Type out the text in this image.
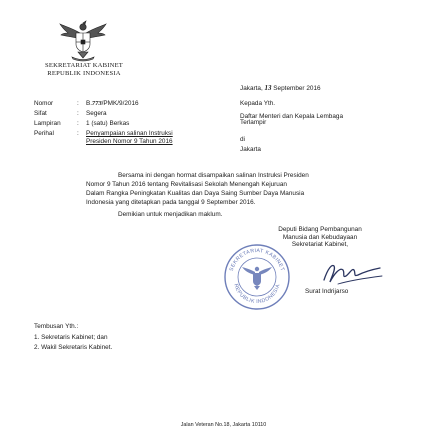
SEKRETARIAT KABINET
REPUBLIK INDONESIA
Jakarta, 13 September 2016
Nomor	: B.773/PMK/9/2016
Sifat	: Segera
Lampiran	: 1 (satu) Berkas
Perihal	: Penyampaian salinan Instruksi
Presiden Nomor 9 Tahun 2016
Kepada Yth.
Daftar Menteri dan Kepala Lembaga
Terlampir
di
Jakarta
Bersama ini dengan hormat disampaikan salinan Instruksi Presiden
Nomor 9 Tahun 2016 tentang Revitalisasi Sekolah Menengah Kejuruan
Dalam Rangka Peningkatan Kualitas dan Daya Saing Sumber Daya Manusia
Indonesia yang ditetapkan pada tanggal 9 September 2016.
Demikian untuk menjadikan maklum.
Deputi Bidang Pembangunan
Manusia dan Kebudayaan
Sekretariat Kabinet,
SEKRETARIAT KABINET
REPUBLIK INDONESIA
Surat Indrijarso
Tembusan Yth.:
1. Sekretaris Kabinet; dan
2. Wakil Sekretaris Kabinet.
Jalan Veteran No.18, Jakarta 10110
